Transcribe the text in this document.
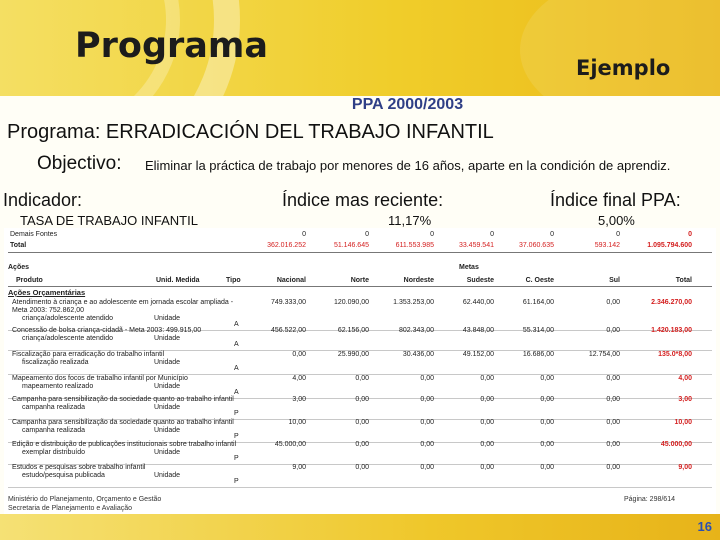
Programa
Ejemplo
PPA 2000/2003
Programa: ERRADICACIÓN DEL TRABAJO INFANTIL
Objectivo: Eliminar la práctica de trabajo por menores de 16 años, aparte en la condición de aprendiz.
Indicador:	Índice mas reciente:	Índice final PPA:
TASA DE TRABAJO INFANTIL	11,17%	5,00%
Demais Fontes	0	0	0	0	0	0	0
Total	362.016.252	51.146.645	611.553.985	33.459.541	37.060.635	593.142	1.095.794.600
Ações	Metas
Produto	Unid. Medida	Tipo	Nacional	Norte	Nordeste	Sudeste	C. Oeste	Sul	Total
Ações Orçamentárias
Atendimento à criança e ao adolescente em jornada escolar ampliada -	749.333,00	120.090,00	1.353.253,00	62.440,00	61.164,00	0,00	2.346.270,00
Meta 2003: 752.862,00
criança/adolescente atendido	Unidade
A
Concessão de bolsa criança-cidadã - Meta 2003: 499.915,00	456.522,00	62.156,00	802.343,00	43.848,00	55.314,00	0,00	1.420.183,00
criança/adolescente atendido	Unidade
A
Fiscalização para erradicação do trabalho infantil	0,00	25.990,00	30.436,00	49.152,00	16.686,00	12.754,00	135.0*8,00
fiscalização realizada	Unidade
A
Mapeamento dos focos de trabalho infantil por Município	4,00	0,00	0,00	0,00	0,00	0,00	4,00
mapeamento realizado	Unidade
A
Campanha para sensibilização da sociedade quanto ao trabalho infantil	3,00	0,00	0,00	0,00	0,00	0,00	3,00
campanha realizada	Unidade
P
Campanha para sensibilização da sociedade quanto ao trabalho infantil	10,00	0,00	0,00	0,00	0,00	0,00	10,00
campanha realizada	Unidade
P
Edição e distribuição de publicações institucionais sobre trabalho infantil	45.000,00	0,00	0,00	0,00	0,00	0,00	45.000,00
exemplar distribuído	Unidade
P
Estudos e pesquisas sobre trabalho infantil	9,00	0,00	0,00	0,00	0,00	0,00	9,00
estudo/pesquisa publicada	Unidade
P
Ministério do Planejamento, Orçamento e Gestão
Secretaria de Planejamento e Avaliação
Página: 298/614
16
